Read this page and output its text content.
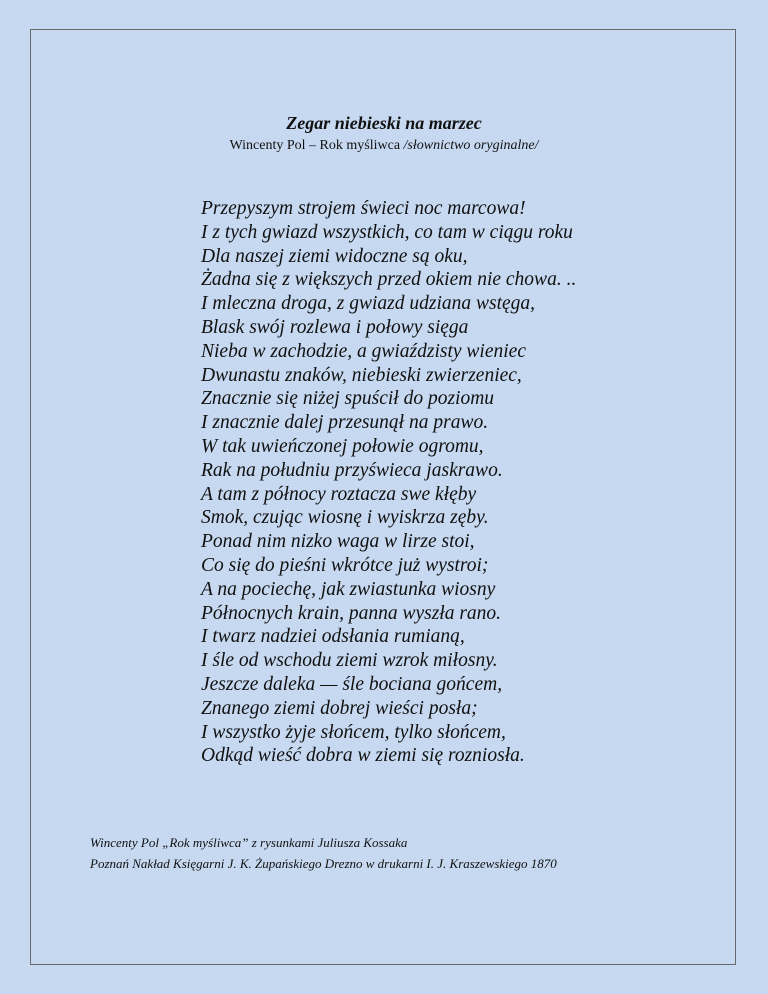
Zegar niebieski na marzec

Wincenty Pol – Rok myśliwca /słownictwo oryginalne/

Przepyszym strojem świeci noc marcowa!
I z tych gwiazd wszystkich, co tam w ciągu roku
Dla naszej ziemi widoczne są oku,
Żadna się z większych przed okiem nie chowa. ..
I mleczna droga, z gwiazd udziana wstęga,
Blask swój rozlewa i połowy sięga
Nieba w zachodzie, a gwiaździsty wieniec
Dwunastu znaków, niebieski zwierzeniec,
Znacznie się niżej spuścił do poziomu
I znacznie dalej przesunął na prawo.
W tak uwieńczonej połowie ogromu,
Rak na południu przyświeca jaskrawo.
A tam z północy roztacza swe kłęby
Smok, czując wiosnę i wyiskrza zęby.
Ponad nim nizko waga w lirze stoi,
Co się do pieśni wkrótce już wystroi;
A na pociechę, jak zwiastunka wiosny
Północnych krain, panna wyszła rano.
I twarz nadziei odsłania rumianą,
I śle od wschodu ziemi wzrok miłosny.
Jeszcze daleka — śle bociana gońcem,
Znanego ziemi dobrej wieści posła;
I wszystko żyje słońcem, tylko słońcem,
Odkąd wieść dobra w ziemi się rozniosła.
Wincenty Pol „Rok myśliwca” z rysunkami Juliusza Kossaka
Poznań Nakład Księgarni J. K. Żupańskiego Drezno w drukarni I. J. Kraszewskiego 1870
